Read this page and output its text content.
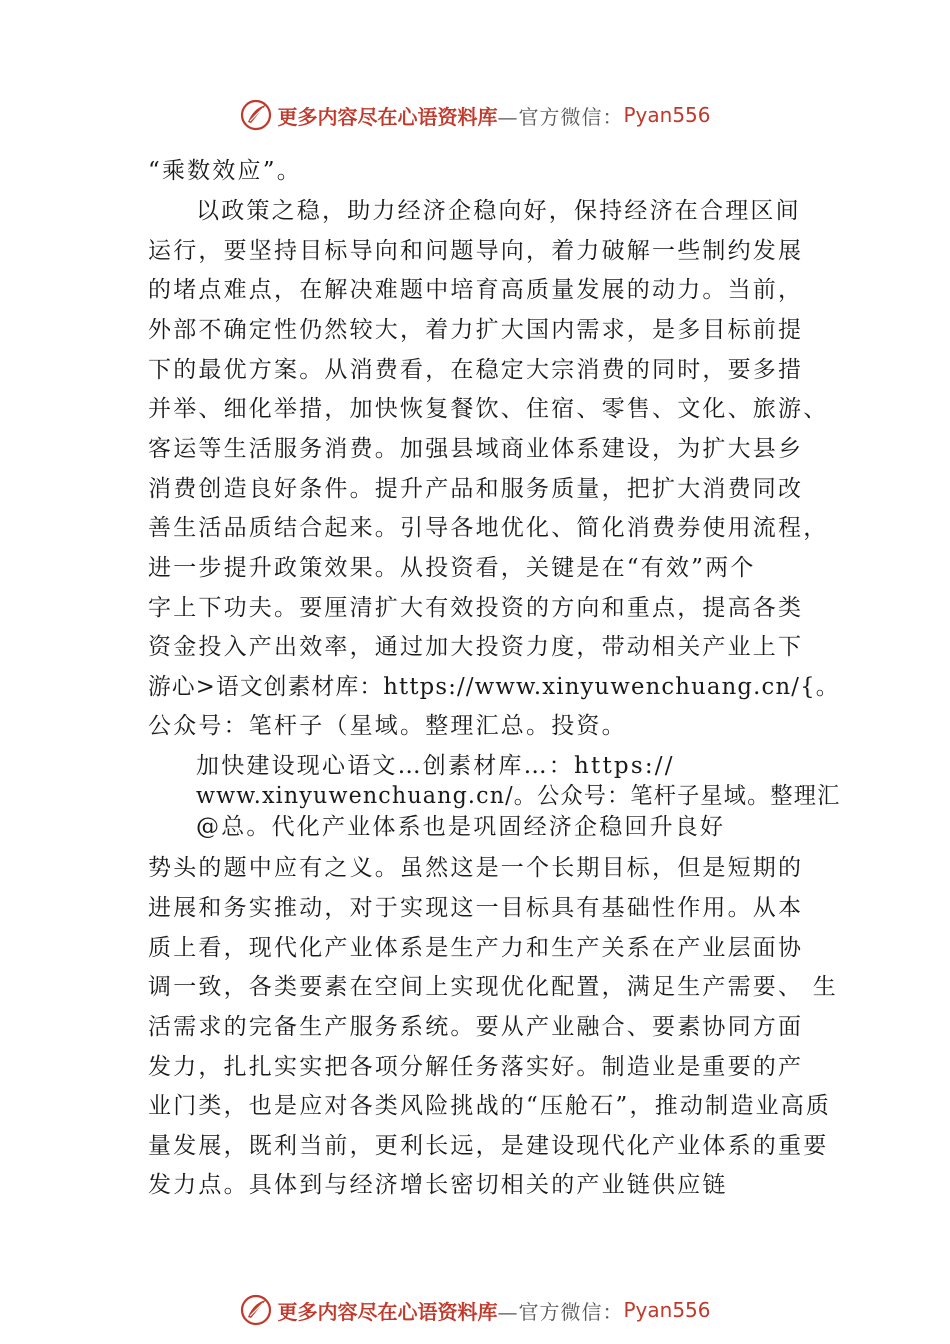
更多内容尽在心语资料库 —官方微信： Pyan556
“乘数效应”。
以政策之稳，助力经济企稳向好，保持经济在合理区间
运行，要坚持目标导向和问题导向，着力破解一些制约发展
的堵点难点，在解决难题中培育高质量发展的动力。当前，
外部不确定性仍然较大，着力扩大国内需求，是多目标前提
下的最优方案。从消费看，在稳定大宗消费的同时，要多措
并举、细化举措，加快恢复餐饮、住宿、零售、文化、旅游、
客运等生活服务消费。加强县域商业体系建设，为扩大县乡
消费创造良好条件。提升产品和服务质量，把扩大消费同改
善生活品质结合起来。引导各地优化、简化消费券使用流程，
进一步提升政策效果。从投资看，关键是在“有效”两个
字上下功夫。要厘清扩大有效投资的方向和重点，提高各类
资金投入产出效率，通过加大投资力度，带动相关产业上下
游心>语文创素材库：https://www.xinyuwenchuang.cn/{。
公众号：笔杆子（星域。整理汇总。投资。
加快建设现心语文…创素材库…：https://
www.xinyuwenchuang.cn/。公众号：笔杆子星域。整理汇
@总。代化产业体系也是巩固经济企稳回升良好
势头的题中应有之义。虽然这是一个长期目标，但是短期的
进展和务实推动，对于实现这一目标具有基础性作用。从本
质上看，现代化产业体系是生产力和生产关系在产业层面协
调一致，各类要素在空间上实现优化配置，满足生产需要、 生
活需求的完备生产服务系统。要从产业融合、要素协同方面
发力，扎扎实实把各项分解任务落实好。制造业是重要的产
业门类，也是应对各类风险挑战的“压舱石”，推动制造业高质
量发展，既利当前，更利长远，是建设现代化产业体系的重要
发力点。具体到与经济增长密切相关的产业链供应链
更多内容尽在心语资料库 —官方微信： Pyan556
